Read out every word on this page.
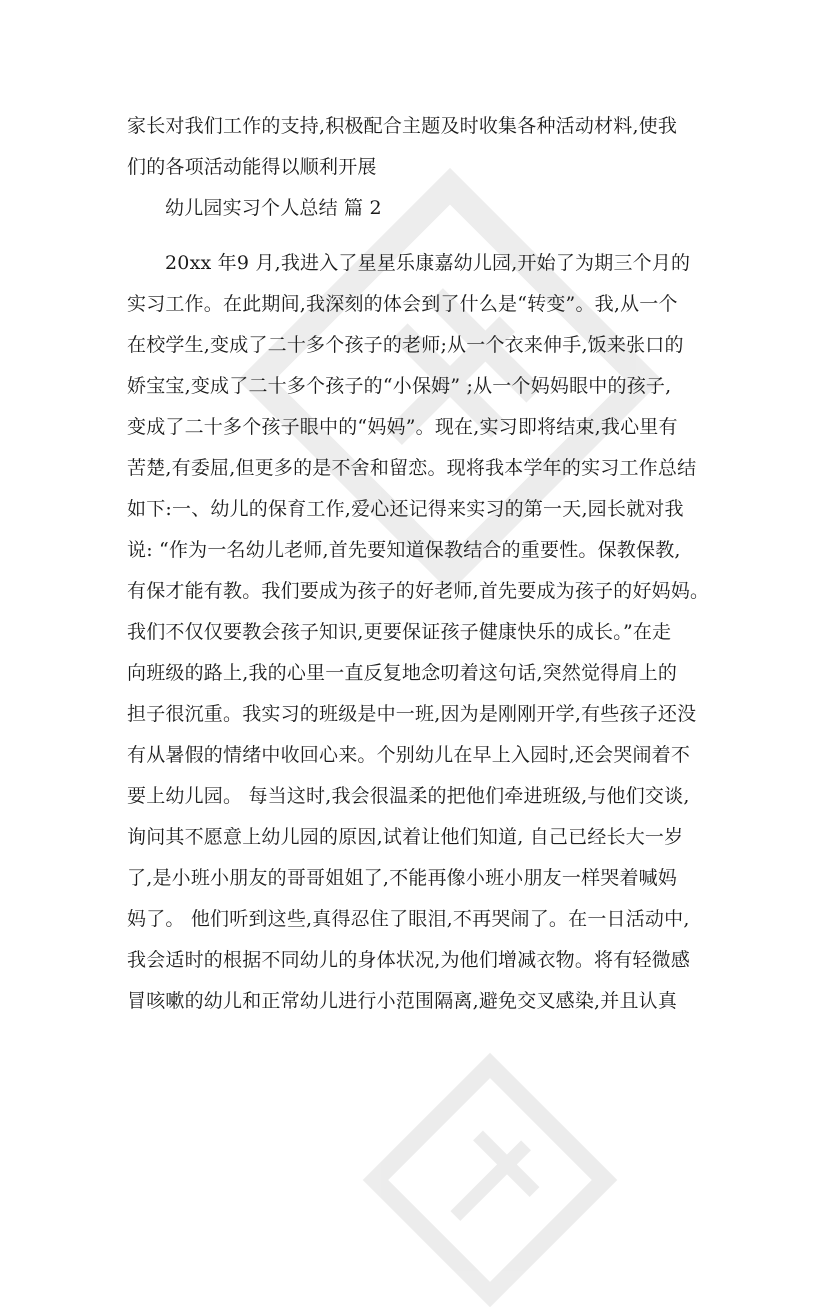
家长对我们工作的支持,积极配合主题及时收集各种活动材料,使我
们的各项活动能得以顺利开展
幼儿园实习个人总结 篇 2
20xx 年9 月,我进入了星星乐康嘉幼儿园,开始了为期三个月的
实习工作。在此期间,我深刻的体会到了什么是“转变”。我,从一个
在校学生,变成了二十多个孩子的老师;从一个衣来伸手,饭来张口的
娇宝宝,变成了二十多个孩子的“小保姆” ;从一个妈妈眼中的孩子,
变成了二十多个孩子眼中的“妈妈”。现在,实习即将结束,我心里有
苦楚,有委屈,但更多的是不舍和留恋。现将我本学年的实习工作总结
如下:一、幼儿的保育工作,爱心还记得来实习的第一天,园长就对我
说: “作为一名幼儿老师,首先要知道保教结合的重要性。保教保教,
有保才能有教。我们要成为孩子的好老师,首先要成为孩子的好妈妈。
我们不仅仅要教会孩子知识,更要保证孩子健康快乐的成长。”在走
向班级的路上,我的心里一直反复地念叨着这句话,突然觉得肩上的
担子很沉重。我实习的班级是中一班,因为是刚刚开学,有些孩子还没
有从暑假的情绪中收回心来。个别幼儿在早上入园时,还会哭闹着不
要上幼儿园。 每当这时,我会很温柔的把他们牵进班级,与他们交谈,
询问其不愿意上幼儿园的原因,试着让他们知道, 自己已经长大一岁
了,是小班小朋友的哥哥姐姐了,不能再像小班小朋友一样哭着喊妈
妈了。 他们听到这些,真得忍住了眼泪,不再哭闹了。在一日活动中,
我会适时的根据不同幼儿的身体状况,为他们增减衣物。将有轻微感
冒咳嗽的幼儿和正常幼儿进行小范围隔离,避免交叉感染,并且认真
